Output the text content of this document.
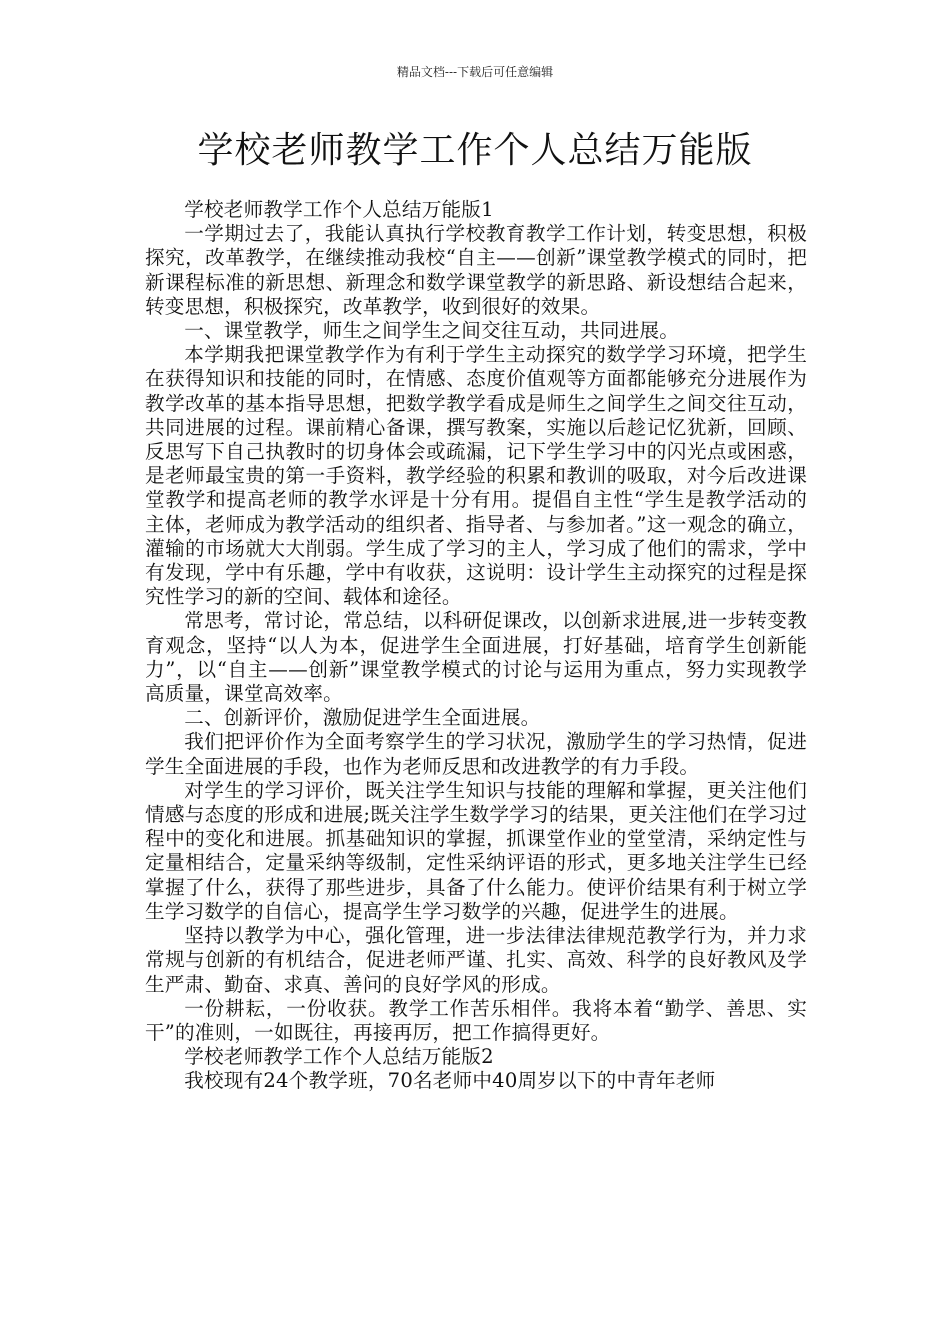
精品文档---下载后可任意编辑
学校老师教学工作个人总结万能版

学校老师教学工作个人总结万能版1

一学期过去了，我能认真执行学校教育教学工作计划，转变思想，积极探究，改革教学，在继续推动我校“自主——创新”课堂教学模式的同时，把新课程标准的新思想、新理念和数学课堂教学的新思路、新设想结合起来，转变思想，积极探究，改革教学，收到很好的效果。

一、课堂教学，师生之间学生之间交往互动，共同进展。

本学期我把课堂教学作为有利于学生主动探究的数学学习环境，把学生在获得知识和技能的同时，在情感、态度价值观等方面都能够充分进展作为教学改革的基本指导思想，把数学教学看成是师生之间学生之间交往互动，共同进展的过程。课前精心备课，撰写教案，实施以后趁记忆犹新，回顾、反思写下自己执教时的切身体会或疏漏，记下学生学习中的闪光点或困惑，是老师最宝贵的第一手资料，教学经验的积累和教训的吸取，对今后改进课堂教学和提高老师的教学水评是十分有用。提倡自主性“学生是教学活动的主体，老师成为教学活动的组织者、指导者、与参加者。”这一观念的确立，灌输的市场就大大削弱。学生成了学习的主人，学习成了他们的需求，学中有发现，学中有乐趣，学中有收获，这说明：设计学生主动探究的过程是探究性学习的新的空间、载体和途径。

常思考，常讨论，常总结，以科研促课改，以创新求进展,进一步转变教育观念，坚持“以人为本，促进学生全面进展，打好基础，培育学生创新能力”，以“自主——创新”课堂教学模式的讨论与运用为重点，努力实现教学高质量，课堂高效率。

二、创新评价，激励促进学生全面进展。

我们把评价作为全面考察学生的学习状况，激励学生的学习热情，促进学生全面进展的手段，也作为老师反思和改进教学的有力手段。

对学生的学习评价，既关注学生知识与技能的理解和掌握，更关注他们情感与态度的形成和进展;既关注学生数学学习的结果，更关注他们在学习过程中的变化和进展。抓基础知识的掌握，抓课堂作业的堂堂清，采纳定性与定量相结合，定量采纳等级制，定性采纳评语的形式，更多地关注学生已经掌握了什么，获得了那些进步，具备了什么能力。使评价结果有利于树立学生学习数学的自信心，提高学生学习数学的兴趣，促进学生的进展。

坚持以教学为中心，强化管理，进一步法律法律规范教学行为，并力求常规与创新的有机结合，促进老师严谨、扎实、高效、科学的良好教风及学生严肃、勤奋、求真、善问的良好学风的形成。

一份耕耘，一份收获。教学工作苦乐相伴。我将本着“勤学、善思、实干”的准则，一如既往，再接再厉，把工作搞得更好。

学校老师教学工作个人总结万能版2

我校现有24个教学班，70名老师中40周岁以下的中青年老师
